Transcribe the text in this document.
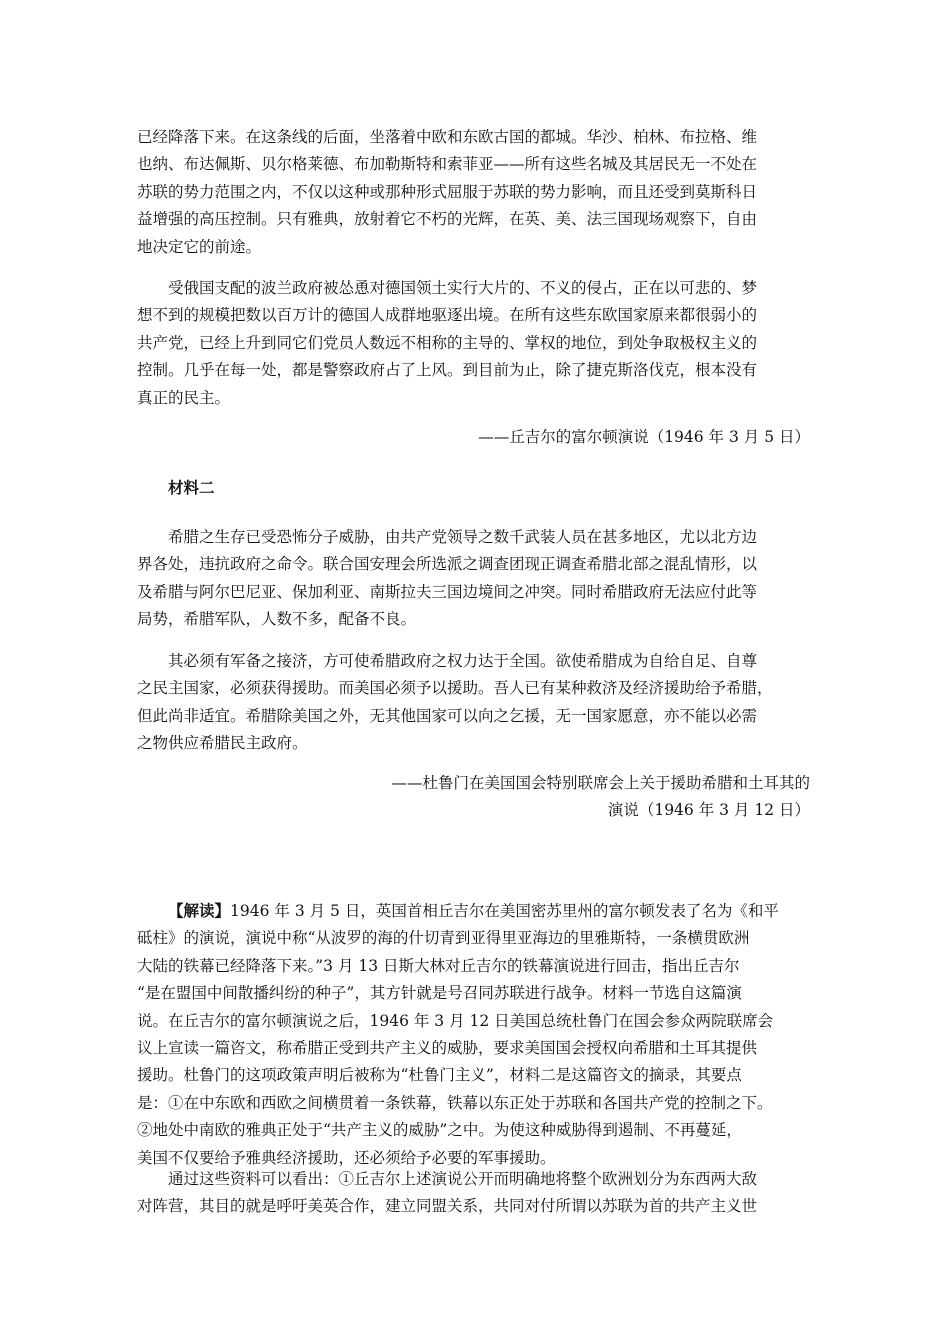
已经降落下来。在这条线的后面，坐落着中欧和东欧古国的都城。华沙、柏林、布拉格、维
也纳、布达佩斯、贝尔格莱德、布加勒斯特和索菲亚——所有这些名城及其居民无一不处在
苏联的势力范围之内，不仅以这种或那种形式屈服于苏联的势力影响，而且还受到莫斯科日
益增强的高压控制。只有雅典，放射着它不朽的光辉，在英、美、法三国现场观察下，自由
地决定它的前途。

受俄国支配的波兰政府被怂恿对德国领土实行大片的、不义的侵占，正在以可悲的、梦
想不到的规模把数以百万计的德国人成群地驱逐出境。在所有这些东欧国家原来都很弱小的
共产党，已经上升到同它们党员人数远不相称的主导的、掌权的地位，到处争取极权主义的
控制。几乎在每一处，都是警察政府占了上风。到目前为止，除了捷克斯洛伐克，根本没有
真正的民主。

——丘吉尔的富尔顿演说（1946 年 3 月 5 日）

材料二

希腊之生存已受恐怖分子威胁，由共产党领导之数千武装人员在甚多地区，尤以北方边
界各处，违抗政府之命令。联合国安理会所选派之调查团现正调查希腊北部之混乱情形，以
及希腊与阿尔巴尼亚、保加利亚、南斯拉夫三国边境间之冲突。同时希腊政府无法应付此等
局势，希腊军队，人数不多，配备不良。

其必须有军备之接济，方可使希腊政府之权力达于全国。欲使希腊成为自给自足、自尊
之民主国家，必须获得援助。而美国必须予以援助。吾人已有某种救济及经济援助给予希腊，
但此尚非适宜。希腊除美国之外，无其他国家可以向之乞援，无一国家愿意，亦不能以必需
之物供应希腊民主政府。

——杜鲁门在美国国会特别联席会上关于援助希腊和土耳其的
演说（1946 年 3 月 12 日）

【解读】1946 年 3 月 5 日，英国首相丘吉尔在美国密苏里州的富尔顿发表了名为《和平
砥柱》的演说，演说中称“从波罗的海的什切青到亚得里亚海边的里雅斯特，一条横贯欧洲
大陆的铁幕已经降落下来。”3 月 13 日斯大林对丘吉尔的铁幕演说进行回击，指出丘吉尔
“是在盟国中间散播纠纷的种子”，其方针就是号召同苏联进行战争。材料一节选自这篇演
说。在丘吉尔的富尔顿演说之后，1946 年 3 月 12 日美国总统杜鲁门在国会参众两院联席会
议上宣读一篇咨文，称希腊正受到共产主义的威胁，要求美国国会授权向希腊和土耳其提供
援助。杜鲁门的这项政策声明后被称为“杜鲁门主义”，材料二是这篇咨文的摘录，其要点
是：①在中东欧和西欧之间横贯着一条铁幕，铁幕以东正处于苏联和各国共产党的控制之下。
②地处中南欧的雅典正处于“共产主义的威胁”之中。为使这种威胁得到遏制、不再蔓延，
美国不仅要给予雅典经济援助，还必须给予必要的军事援助。

通过这些资料可以看出：①丘吉尔上述演说公开而明确地将整个欧洲划分为东西两大敌
对阵营，其目的就是呼吁美英合作，建立同盟关系，共同对付所谓以苏联为首的共产主义世
